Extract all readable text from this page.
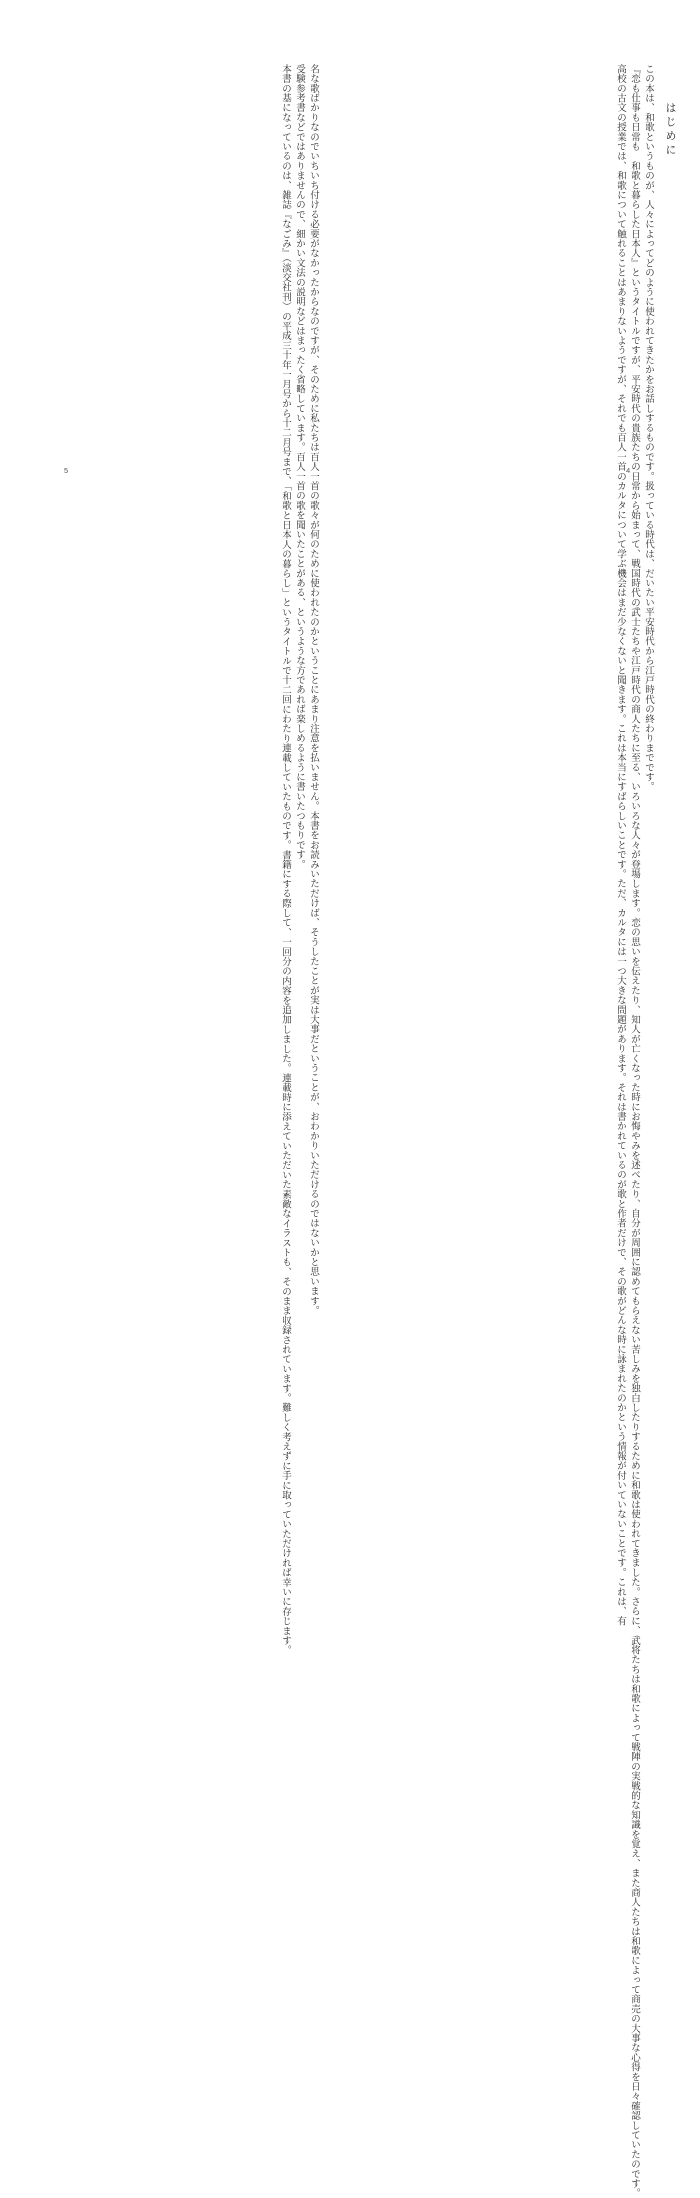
名な歌ばかりなのでいちいち付ける必要がなかったからなのですが、そのために私たちは百人一首の歌々が何のために使われたのかということにあまり注意を払いません。本書をお読みいただけば、そうしたことが実は大事だということが、おわかりいただけるのではないかと思います。

受験参考書などではありませんので、細かい文法の説明などはまったく省略しています。百人一首の歌を聞いたことがある、というような方であれば楽しめるように書いたつもりです。

本書の基になっているのは、雑誌『なごみ』（淡交社刊）の平成三十年一月号から十二月号まで、「和歌と日本人の暮らし」というタイトルで十二回にわたり連載していたものです。書籍にする際して、一回分の内容を追加しました。連載時に添えていただいた素敵なイラストも、そのまま収録されています。難しく考えずに手に取っていただければ幸いに存じます。

5
はじめに

この本は、和歌というものが、人々によってどのように使われてきたかをお話しするものです。扱っている時代は、だいたい平安時代から江戸時代の終わりまでです。

『恋も仕事も日常も　和歌と暮らした日本人』というタイトルですが、平安時代の貴族たちの日常から始まって、戦国時代の武士たちや江戸時代の商人たちに至る、いろいろな人々が登場します。恋の思いを伝えたり、知人が亡くなった時にお悔やみを述べたり、自分が周囲に認めてもらえない苦しみを独白したりするために和歌は使われてきました。さらに、武将たちは和歌によって戦陣の実戦的な知識を覚え、また商人たちは和歌によって商売の大事な心得を日々確認していたのです。

高校の古文の授業では、和歌について触れることはあまりないようですが、それでも百人一首のカルタについて学ぶ機会はまだ少なくないと聞きます。これは本当にすばらしいことです。ただ、カルタには一つ大きな問題があります。それは書かれているのが歌と作者だけで、その歌がどんな時に詠まれたのかという情報が付いていないことです。これは、有 4
